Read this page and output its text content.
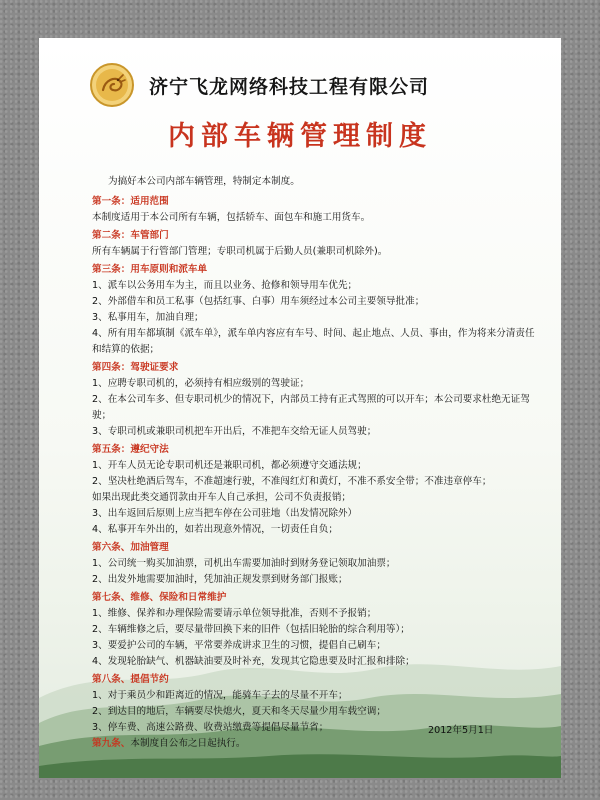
济宁飞龙网络科技工程有限公司
内部车辆管理制度

为搞好本公司内部车辆管理，特制定本制度。

第一条：适用范围

本制度适用于本公司所有车辆，包括轿车、面包车和施工用货车。

第二条：车管部门

所有车辆属于行管部门管理；专职司机属于后勤人员(兼职司机除外)。

第三条：用车原则和派车单

1、派车以公务用车为主，而且以业务、抢修和领导用车优先；

2、外部借车和员工私事（包括红事、白事）用车须经过本公司主要领导批准；

3、私事用车，加油自理；

4、所有用车都填制《派车单》，派车单内容应有车号、时间、起止地点、人员、事由，作为将来分清责任和结算的依据；

第四条：驾驶证要求

1、应聘专职司机的，必须持有相应级别的驾驶证；

2、在本公司车多、但专职司机少的情况下，内部员工持有正式驾照的可以开车；本公司要求杜绝无证驾驶；

3、专职司机或兼职司机把车开出后，不准把车交给无证人员驾驶；

第五条：遵纪守法

1、开车人员无论专职司机还是兼职司机，都必须遵守交通法规；

2、坚决杜绝酒后驾车，不准超速行驶，不准闯红灯和黄灯，不准不系安全带；不准违章停车；

如果出现此类交通罚款由开车人自己承担，公司不负责报销；

3、出车返回后原则上应当把车停在公司驻地（出发情况除外）

4、私事开车外出的，如若出现意外情况，一切责任自负；

第六条、加油管理

1、公司统一购买加油票，司机出车需要加油时到财务登记领取加油票；

2、出发外地需要加油时，凭加油正规发票到财务部门报账；

第七条、维修、保险和日常维护

1、维修、保养和办理保险需要请示单位领导批准，否则不予报销；

2、车辆维修之后，要尽量带回换下来的旧件（包括旧轮胎的综合利用等）；

3、要爱护公司的车辆，平常要养成讲求卫生的习惯，提倡自己刷车；

4、发现轮胎缺气、机器缺油要及时补充，发现其它隐患要及时汇报和排除；

第八条、提倡节约

1、对于乘员少和距离近的情况，能骑车子去的尽量不开车；

2、到达目的地后，车辆要尽快熄火，夏天和冬天尽量少用车载空调；

3、停车费、高速公路费、收费站缴费等提倡尽量节省；

第九条、本制度自公布之日起执行。

2012年5月1日
